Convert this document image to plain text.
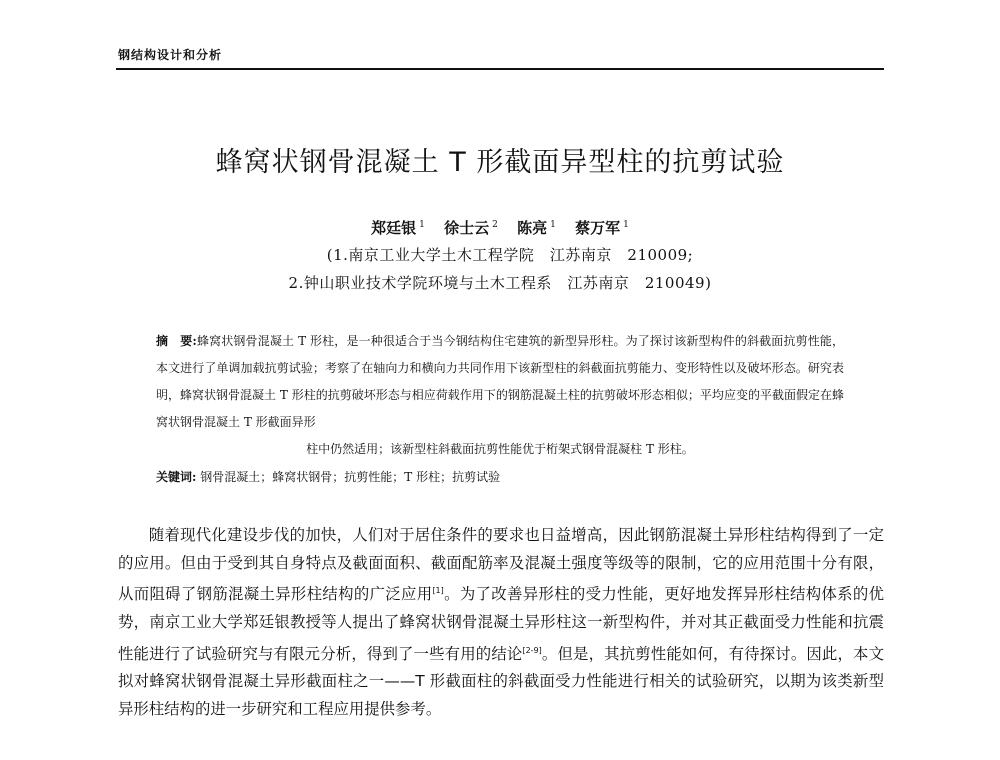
钢结构设计和分析
蜂窝状钢骨混凝土 T 形截面异型柱的抗剪试验
郑廷银 $^1$ 徐士云 $^2$ 陈亮 $^1$ 蔡万军 $^1$
(1.南京工业大学土木工程学院　江苏南京　210009;
2.钟山职业技术学院环境与土木工程系　江苏南京　210049)
摘　要:蜂窝状钢骨混凝土 T 形柱，是一种很适合于当今钢结构住宅建筑的新型异形柱。为了探讨该新型构件的斜截面抗剪性能，本文进行了单调加载抗剪试验；考察了在轴向力和横向力共同作用下该新型柱的斜截面抗剪能力、变形特性以及破坏形态。研究表明，蜂窝状钢骨混凝土 T 形柱的抗剪破坏形态与相应荷载作用下的钢筋混凝土柱的抗剪破坏形态相似；平均应变的平截面假定在蜂窝状钢骨混凝土 T 形截面异形
柱中仍然适用；该新型柱斜截面抗剪性能优于桁架式钢骨混凝柱 T 形柱。
关键词: 钢骨混凝土；蜂窝状钢骨；抗剪性能；T 形柱；抗剪试验
随着现代化建设步伐的加快，人们对于居住条件的要求也日益增高，因此钢筋混凝土异形柱结构得到了一定的应用。但由于受到其自身特点及截面面积、截面配筋率及混凝土强度等级等的限制，它的应用范围十分有限，从而阻碍了钢筋混凝土异形柱结构的广泛应用[1]。为了改善异形柱的受力性能，更好地发挥异形柱结构体系的优势，南京工业大学郑廷银教授等人提出了蜂窝状钢骨混凝土异形柱这一新型构件，并对其正截面受力性能和抗震性能进行了试验研究与有限元分析，得到了一些有用的结论[2-9]。但是，其抗剪性能如何，有待探讨。因此，本文拟对蜂窝状钢骨混凝土异形截面柱之一——T 形截面柱的斜截面受力性能进行相关的试验研究，以期为该类新型异形柱结构的进一步研究和工程应用提供参考。
